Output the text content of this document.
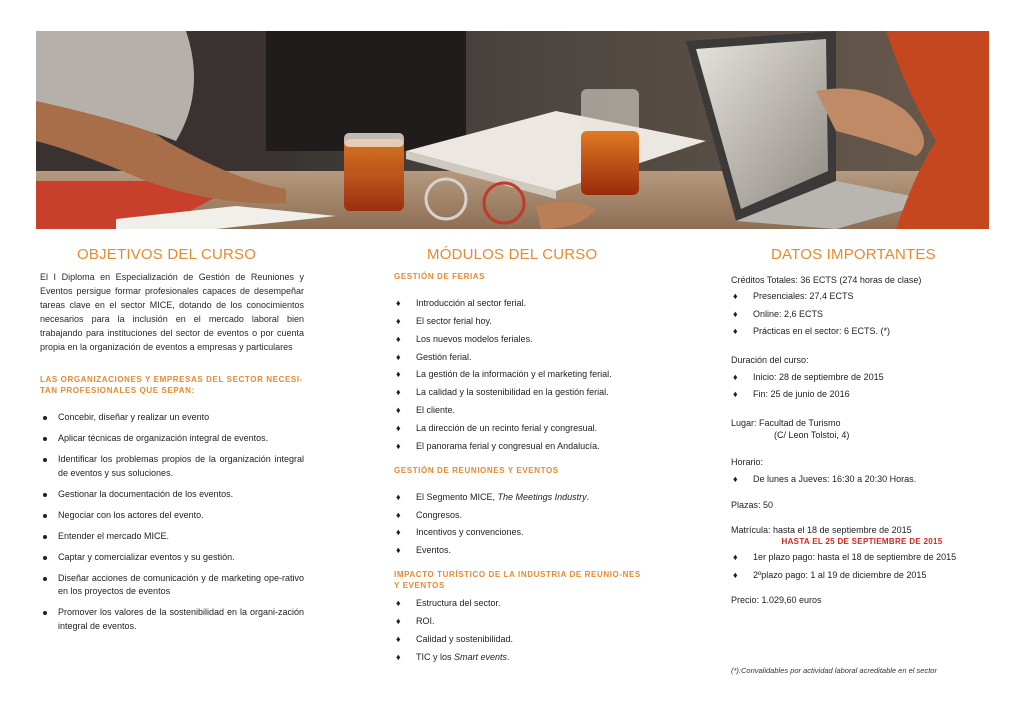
OBJETIVOS DEL CURSO

El I Diploma en Especialización de Gestión de Reuniones y Eventos persigue formar profesionales capaces de desempeñar tareas clave en el sector MICE, dotando de los conocimientos necesarios para la inclusión en el mercado laboral bien trabajando para instituciones del sector de eventos o por cuenta propia en la organización de eventos a empresas y particulares

LAS ORGANIZACIONES Y EMPRESAS DEL SECTOR NECESI-TAN PROFESIONALES QUE SEPAN:
Concebir, diseñar y realizar un evento
Aplicar técnicas de organización integral de eventos.
Identificar los problemas propios de la organización integral de eventos y sus soluciones.
Gestionar la documentación de los eventos.
Negociar con los actores del evento.
Entender el mercado MICE.
Captar y comercializar eventos y su gestión.
Diseñar acciones de comunicación y de marketing ope-rativo en los proyectos de eventos
Promover los valores de la sostenibilidad en la organi-zación integral de eventos.
MÓDULOS DEL CURSO
GESTIÓN DE FERIAS
♦ Introducción al sector ferial.
♦ El sector ferial hoy.
♦ Los nuevos modelos feriales.
♦ Gestión ferial.
♦ La gestión de la información y el marketing ferial.
♦ La calidad y la sostenibilidad en la gestión ferial.
♦ El cliente.
♦ La dirección de un recinto ferial y congresual.
♦ El panorama ferial y congresual en Andalucía.
GESTIÓN DE REUNIONES Y EVENTOS
♦ El Segmento MICE, The Meetings Industry.
♦ Congresos.
♦ Incentivos y convenciones.
♦ Eventos.
IMPACTO TURÍSTICO DE LA INDUSTRIA DE REUNIO-NES Y EVENTOS
♦ Estructura del sector.
♦ ROI.
♦ Calidad y sostenibilidad.
♦ TIC y los Smart events.
DATOS IMPORTANTES

Créditos Totales: 36 ECTS (274 horas de clase)

♦ Presenciales: 27,4 ECTS
♦ Online: 2,6 ECTS
♦ Prácticas en el sector: 6 ECTS. (*)

Duración del curso:

♦ Inicio: 28 de septiembre de 2015
♦ Fin: 25 de junio de 2016

Lugar: Facultad de Turismo

(C/ Leon Tolstoi, 4)

Horario:

♦ De lunes a Jueves: 16:30 a 20:30 Horas.

Plazas: 50

Matrícula: hasta el 18 de septiembre de 2015

HASTA EL 25 DE SEPTIEMBRE DE 2015
♦ 1er plazo pago: hasta el 18 de septiembre de 2015
♦ 2ºplazo pago: 1 al 19 de diciembre de 2015

Precio: 1.029,60 euros

(*):Convalidables por actividad laboral acreditable en el sector
